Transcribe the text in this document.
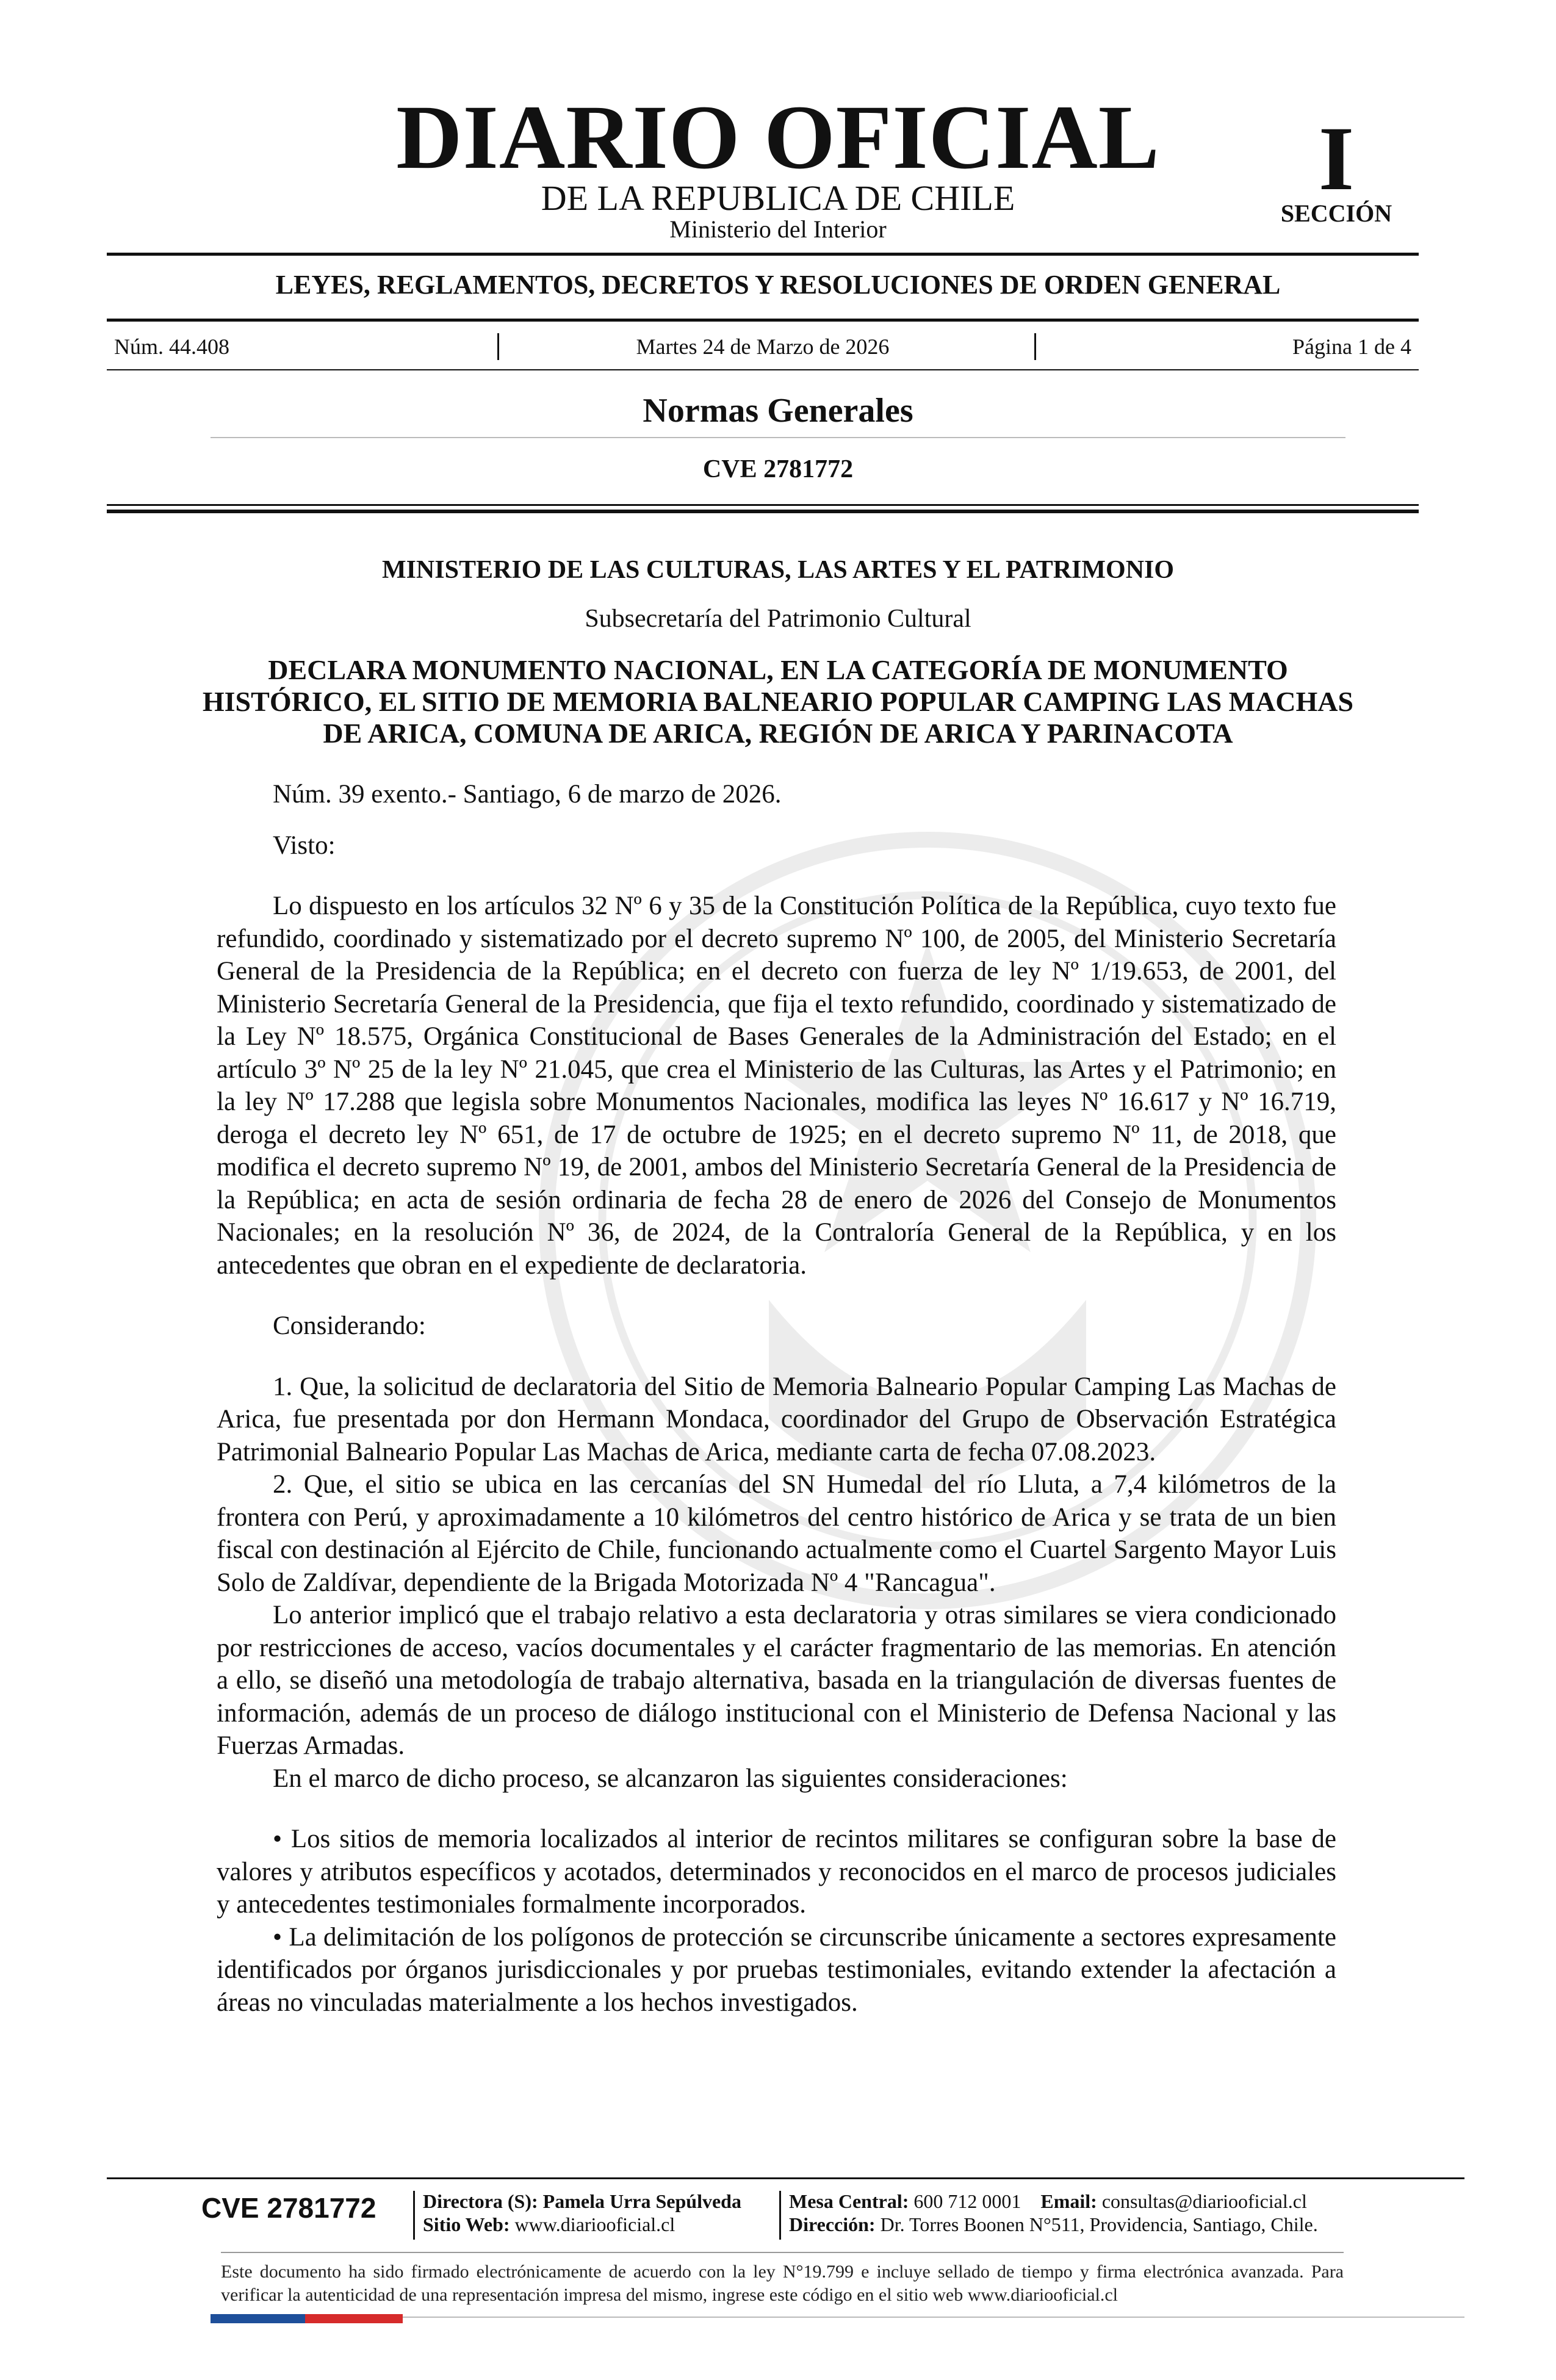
DIARIO OFICIAL
DE LA REPUBLICA DE CHILE
Ministerio del Interior
I
SECCIÓN
LEYES, REGLAMENTOS, DECRETOS Y RESOLUCIONES DE ORDEN GENERAL
Núm. 44.408	Martes 24 de Marzo de 2026	Página 1 de 4
Normas Generales
CVE 2781772
MINISTERIO DE LAS CULTURAS, LAS ARTES Y EL PATRIMONIO
Subsecretaría del Patrimonio Cultural
DECLARA MONUMENTO NACIONAL, EN LA CATEGORÍA DE MONUMENTO HISTÓRICO, EL SITIO DE MEMORIA BALNEARIO POPULAR CAMPING LAS MACHAS DE ARICA, COMUNA DE ARICA, REGIÓN DE ARICA Y PARINACOTA

Núm. 39 exento.- Santiago, 6 de marzo de 2026.

Visto:

Lo dispuesto en los artículos 32 Nº 6 y 35 de la Constitución Política de la República, cuyo texto fue refundido, coordinado y sistematizado por el decreto supremo Nº 100, de 2005, del Ministerio Secretaría General de la Presidencia de la República; en el decreto con fuerza de ley Nº 1/19.653, de 2001, del Ministerio Secretaría General de la Presidencia, que fija el texto refundido, coordinado y sistematizado de la Ley Nº 18.575, Orgánica Constitucional de Bases Generales de la Administración del Estado; en el artículo 3º Nº 25 de la ley Nº 21.045, que crea el Ministerio de las Culturas, las Artes y el Patrimonio; en la ley Nº 17.288 que legisla sobre Monumentos Nacionales, modifica las leyes Nº 16.617 y Nº 16.719, deroga el decreto ley Nº 651, de 17 de octubre de 1925; en el decreto supremo Nº 11, de 2018, que modifica el decreto supremo Nº 19, de 2001, ambos del Ministerio Secretaría General de la Presidencia de la República; en acta de sesión ordinaria de fecha 28 de enero de 2026 del Consejo de Monumentos Nacionales; en la resolución Nº 36, de 2024, de la Contraloría General de la República, y en los antecedentes que obran en el expediente de declaratoria.

Considerando:

1. Que, la solicitud de declaratoria del Sitio de Memoria Balneario Popular Camping Las Machas de Arica, fue presentada por don Hermann Mondaca, coordinador del Grupo de Observación Estratégica Patrimonial Balneario Popular Las Machas de Arica, mediante carta de fecha 07.08.2023.

2. Que, el sitio se ubica en las cercanías del SN Humedal del río Lluta, a 7,4 kilómetros de la frontera con Perú, y aproximadamente a 10 kilómetros del centro histórico de Arica y se trata de un bien fiscal con destinación al Ejército de Chile, funcionando actualmente como el Cuartel Sargento Mayor Luis Solo de Zaldívar, dependiente de la Brigada Motorizada Nº 4 "Rancagua".

Lo anterior implicó que el trabajo relativo a esta declaratoria y otras similares se viera condicionado por restricciones de acceso, vacíos documentales y el carácter fragmentario de las memorias. En atención a ello, se diseñó una metodología de trabajo alternativa, basada en la triangulación de diversas fuentes de información, además de un proceso de diálogo institucional con el Ministerio de Defensa Nacional y las Fuerzas Armadas.

En el marco de dicho proceso, se alcanzaron las siguientes consideraciones:

• Los sitios de memoria localizados al interior de recintos militares se configuran sobre la base de valores y atributos específicos y acotados, determinados y reconocidos en el marco de procesos judiciales y antecedentes testimoniales formalmente incorporados.

• La delimitación de los polígonos de protección se circunscribe únicamente a sectores expresamente identificados por órganos jurisdiccionales y por pruebas testimoniales, evitando extender la afectación a áreas no vinculadas materialmente a los hechos investigados.

CVE 2781772 Directora (S): Pamela Urra Sepúlveda
Sitio Web: www.diariooficial.cl
Mesa Central: 600 712 0001 Email: consultas@diariooficial.cl
Dirección: Dr. Torres Boonen N°511, Providencia, Santiago, Chile.
Este documento ha sido firmado electrónicamente de acuerdo con la ley N°19.799 e incluye sellado de tiempo y firma electrónica avanzada. Para verificar la autenticidad de una representación impresa del mismo, ingrese este código en el sitio web www.diariooficial.cl
